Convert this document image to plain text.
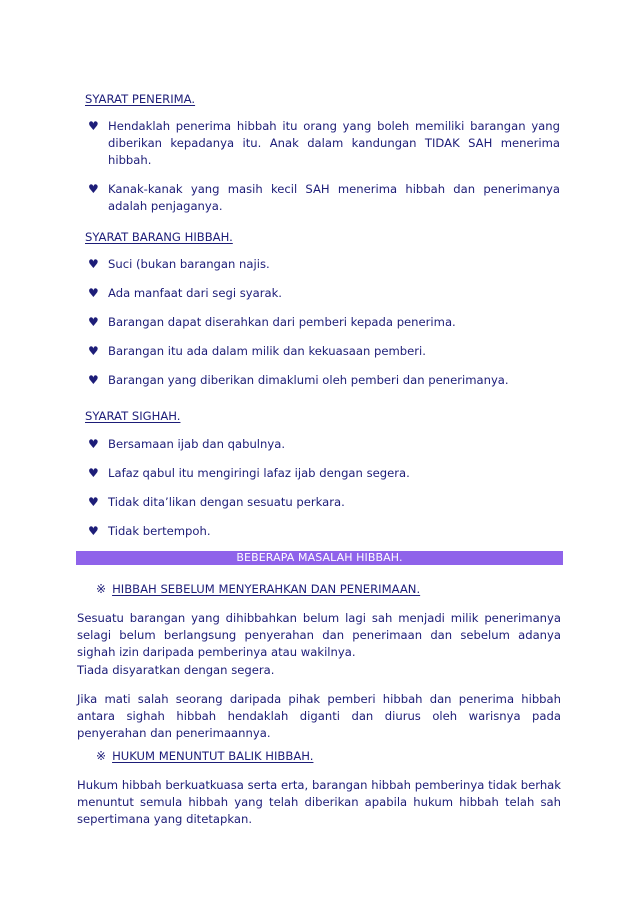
SYARAT PENERIMA.
♥ Hendaklah penerima hibbah itu orang yang boleh memiliki barangan yang diberikan kepadanya itu. Anak dalam kandungan TIDAK SAH menerima hibbah.
♥ Kanak-kanak yang masih kecil SAH menerima hibbah dan penerimanya adalah penjaganya.
SYARAT BARANG HIBBAH.
♥ Suci (bukan barangan najis.
♥ Ada manfaat dari segi syarak.
♥ Barangan dapat diserahkan dari pemberi kepada penerima.
♥ Barangan itu ada dalam milik dan kekuasaan pemberi.
♥ Barangan yang diberikan dimaklumi oleh pemberi dan penerimanya.
SYARAT SIGHAH.
♥ Bersamaan ijab dan qabulnya.
♥ Lafaz qabul itu mengiringi lafaz ijab dengan segera.
♥ Tidak dita’likan dengan sesuatu perkara.
♥ Tidak bertempoh.
BEBERAPA MASALAH HIBBAH.
※ HIBBAH SEBELUM MENYERAHKAN DAN PENERIMAAN.

Sesuatu barangan yang dihibbahkan belum lagi sah menjadi milik penerimanya selagi belum berlangsung penyerahan dan penerimaan dan sebelum adanya sighah izin daripada pemberinya atau wakilnya.

Tiada disyaratkan dengan segera.

Jika mati salah seorang daripada pihak pemberi hibbah dan penerima hibbah antara sighah hibbah hendaklah diganti dan diurus oleh warisnya pada penyerahan dan penerimaannya.

※ HUKUM MENUNTUT BALIK HIBBAH.

Hukum hibbah berkuatkuasa serta erta, barangan hibbah pemberinya tidak berhak menuntut semula hibbah yang telah diberikan apabila hukum hibbah telah sah sepertimana yang ditetapkan.
